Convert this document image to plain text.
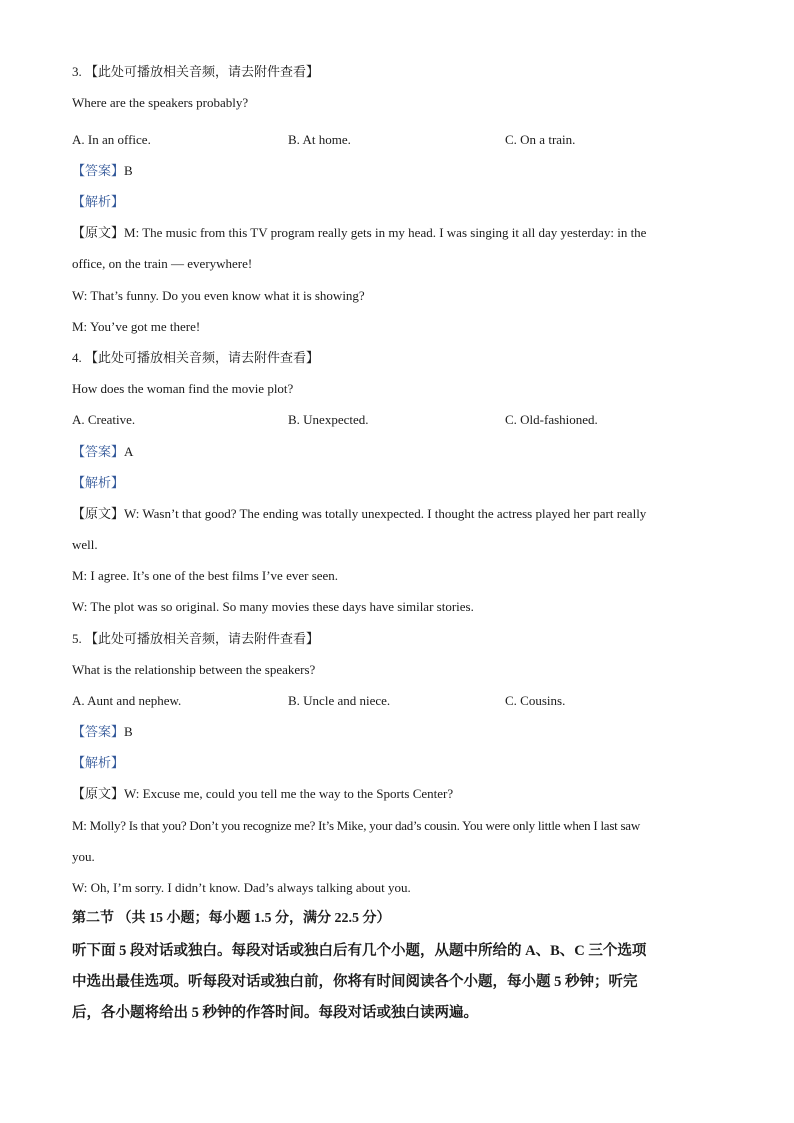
3. 【此处可播放相关音频，请去附件查看】
Where are the speakers probably?
A. In an office.	B. At home.	C. On a train.
【答案】B
【解析】
【原文】M: The music from this TV program really gets in my head. I was singing it all day yesterday: in the
office, on the train — everywhere!
W: That’s funny. Do you even know what it is showing?
M: You’ve got me there!
4. 【此处可播放相关音频，请去附件查看】
How does the woman find the movie plot?
A. Creative.	B. Unexpected.	C. Old-fashioned.
【答案】A
【解析】
【原文】W: Wasn’t that good? The ending was totally unexpected. I thought the actress played her part really
well.
M: I agree. It’s one of the best films I’ve ever seen.
W: The plot was so original. So many movies these days have similar stories.
5. 【此处可播放相关音频，请去附件查看】
What is the relationship between the speakers?
A. Aunt and nephew.	B. Uncle and niece.	C. Cousins.
【答案】B
【解析】
【原文】W: Excuse me, could you tell me the way to the Sports Center?
M: Molly? Is that you? Don’t you recognize me? It’s Mike, your dad’s cousin. You were only little when I last saw
you.
W: Oh, I’m sorry. I didn’t know. Dad’s always talking about you.
第二节 （共 15 小题；每小题 1.5 分，满分 22.5 分）
听下面 5 段对话或独白。每段对话或独白后有几个小题，从题中所给的 A、B、C 三个选项
中选出最佳选项。听每段对话或独白前，你将有时间阅读各个小题，每小题 5 秒钟；听完
后，各小题将给出 5 秒钟的作答时间。每段对话或独白读两遍。
